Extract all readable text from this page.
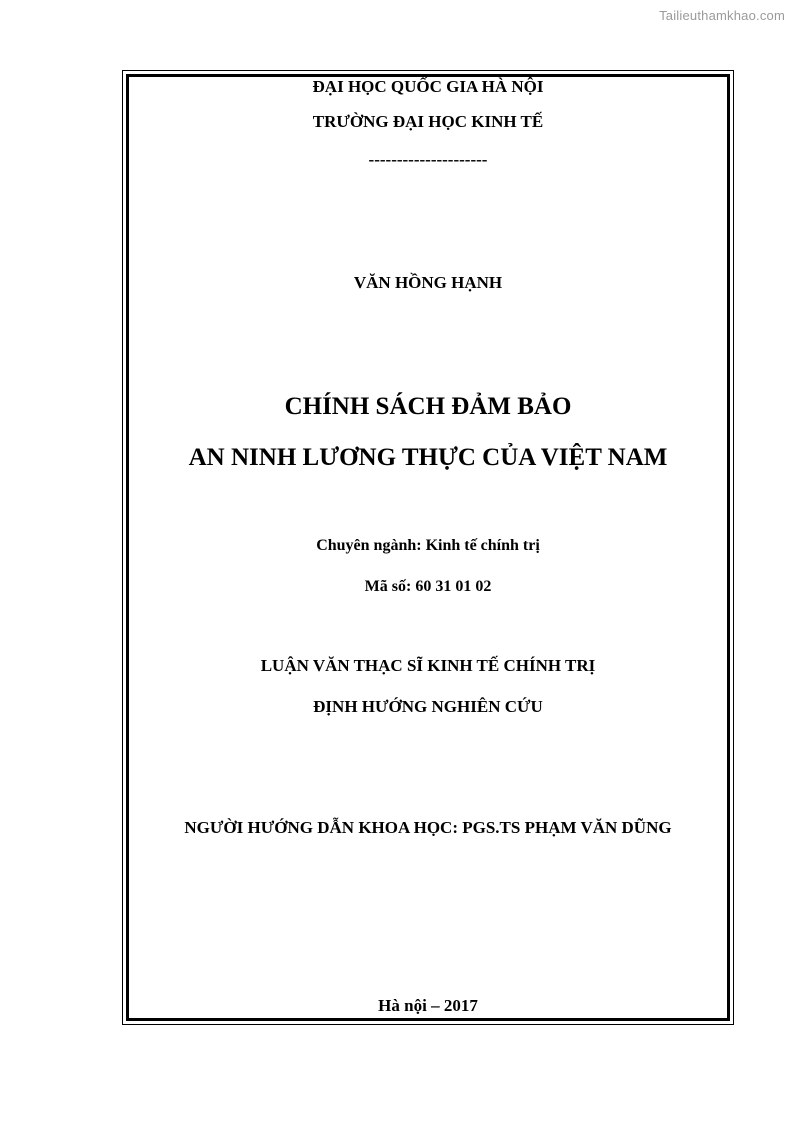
Tailieuthamkhao.com

ĐẠI HỌC QUỐC GIA HÀ NỘI

TRƯỜNG ĐẠI HỌC KINH TẾ

---------------------

VĂN HỒNG HẠNH

CHÍNH SÁCH ĐẢM BẢO

AN NINH LƯƠNG THỰC CỦA VIỆT NAM

Chuyên ngành: Kinh tế chính trị

Mã số: 60 31 01 02

LUẬN VĂN THẠC SĨ KINH TẾ CHÍNH TRỊ

ĐỊNH HƯỚNG NGHIÊN CỨU

NGƯỜI HƯỚNG DẪN KHOA HỌC: PGS.TS PHẠM VĂN DŨNG

Hà nội – 2017
